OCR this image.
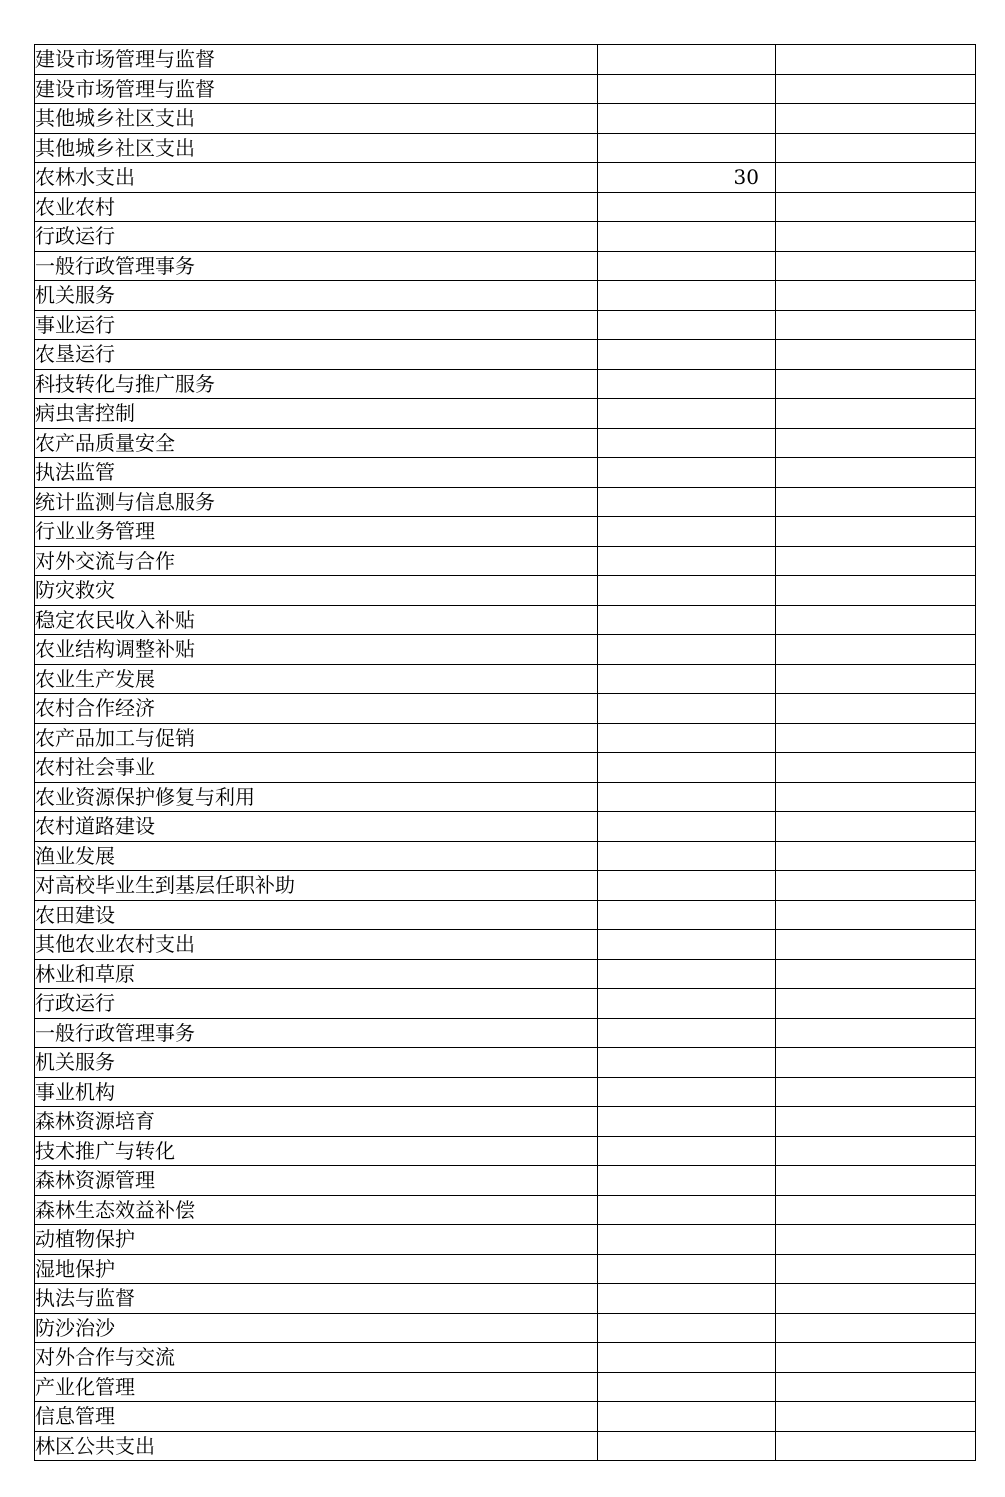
建设市场管理与监督		
建设市场管理与监督		
其他城乡社区支出		
其他城乡社区支出		
农林水支出	30	
农业农村		
行政运行		
一般行政管理事务		
机关服务		
事业运行		
农垦运行		
科技转化与推广服务		
病虫害控制		
农产品质量安全		
执法监管		
统计监测与信息服务		
行业业务管理		
对外交流与合作		
防灾救灾		
稳定农民收入补贴		
农业结构调整补贴		
农业生产发展		
农村合作经济		
农产品加工与促销		
农村社会事业		
农业资源保护修复与利用		
农村道路建设		
渔业发展		
对高校毕业生到基层任职补助		
农田建设		
其他农业农村支出		
林业和草原		
行政运行		
一般行政管理事务		
机关服务		
事业机构		
森林资源培育		
技术推广与转化		
森林资源管理		
森林生态效益补偿		
动植物保护		
湿地保护		
执法与监督		
防沙治沙		
对外合作与交流		
产业化管理		
信息管理		
林区公共支出		
